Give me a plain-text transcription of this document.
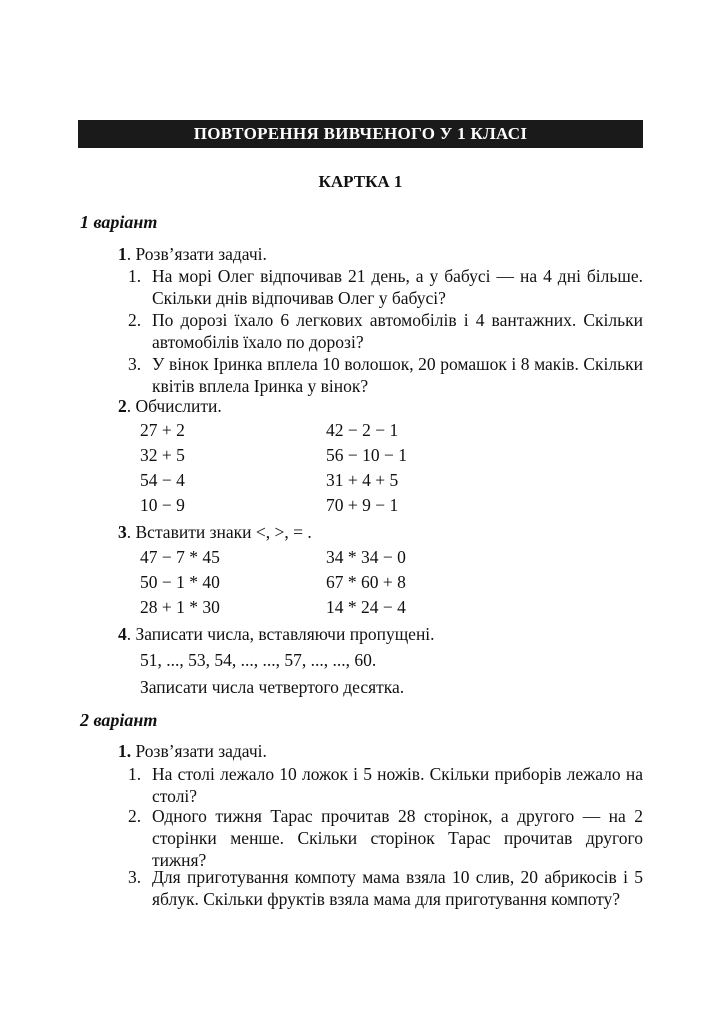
ПОВТОРЕННЯ ВИВЧЕНОГО У 1 КЛАСІ
КАРТКА 1
1 варіант
1. Розв’язати задачі.
1. На морі Олег відпочивав 21 день, а у бабусі — на 4 дні більше. Скільки днів відпочивав Олег у бабусі?
2. По дорозі їхало 6 легкових автомобілів і 4 вантажних. Скільки автомобілів їхало по дорозі?
3. У вінок Іринка вплела 10 волошок, 20 ромашок і 8 маків. Скільки квітів вплела Іринка у вінок?
2. Обчислити.
27 + 2
32 + 5
54 − 4
10 − 9
42 − 2 − 1
56 − 10 − 1
31 + 4 + 5
70 + 9 − 1
3. Вставити знаки <, >, = .
47 − 7 * 45
50 − 1 * 40
28 + 1 * 30
34 * 34 − 0
67 * 60 + 8
14 * 24 − 4
4. Записати числа, вставляючи пропущені.
51, ..., 53, 54, ..., ..., 57, ..., ..., 60.
Записати числа четвертого десятка.
2 варіант
1. Розв’язати задачі.
1. На столі лежало 10 ложок і 5 ножів. Скільки приборів лежало на столі?
2. Одного тижня Тарас прочитав 28 сторінок, а другого — на 2 сторінки менше. Скільки сторінок Тарас прочитав другого тижня?
3. Для приготування компоту мама взяла 10 слив, 20 абрикосів і 5 яблук. Скільки фруктів взяла мама для приготування компоту?
